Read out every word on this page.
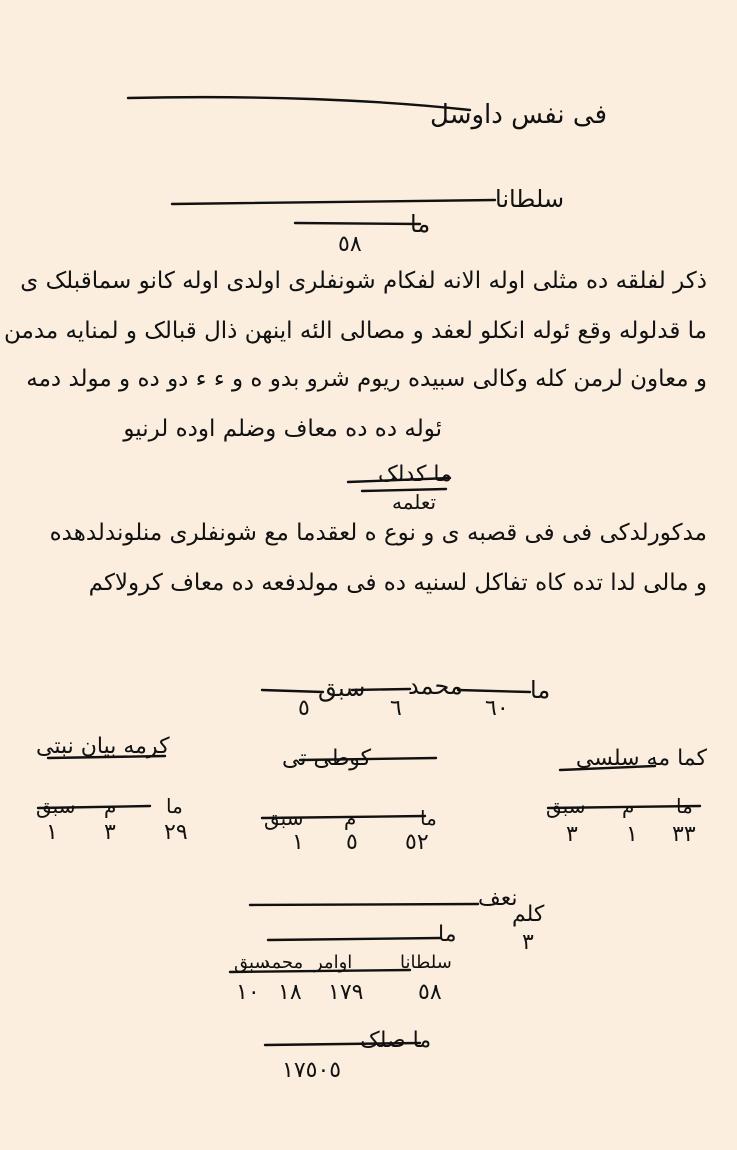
فی نفس داوسل
سلطانا
ما
٥٨
ذکر لفلقه ده مثلی اوله الانه لفکام شونفلری اولدی اوله کانو سماقبلک ی
ما قدلوله وقع ئوله انکلو لعفد و مصالی الئه اینهن ذال قبالک و لمنایه مدمن
و معاون لرمن کله وکالی سبیده ریوم شرو بدو ه و ء ء دو ده و مولد دمه
ئوله ده ده معاف وضلم اوده لرنیو
ما کدلک
تعلمه
مدکورلدکی فی فی قصبه ی و نوع ه لعقدما مع شونفلری منلوندلدهده
و مالی لدا تده کاه تفاکل لسنیه ده فی مولدفعه ده معاف کرولاکم
ما
٦٠
محمد
٦
سبق
٥
کما مه سلسی
ما
م
سبق
٣٣
١
٣
کوطی تی
ما
م
سبق
٥٢
٥
١
کرمه بیان نبتی
ما
م
سبق
٢٩
٣
١
نعف
کلم
٣
ما
سلطانا
اوامر
محمد
سبق
٥٨
١٧٩
١٨
١٠
ما صلک
١٧٥٠٥
